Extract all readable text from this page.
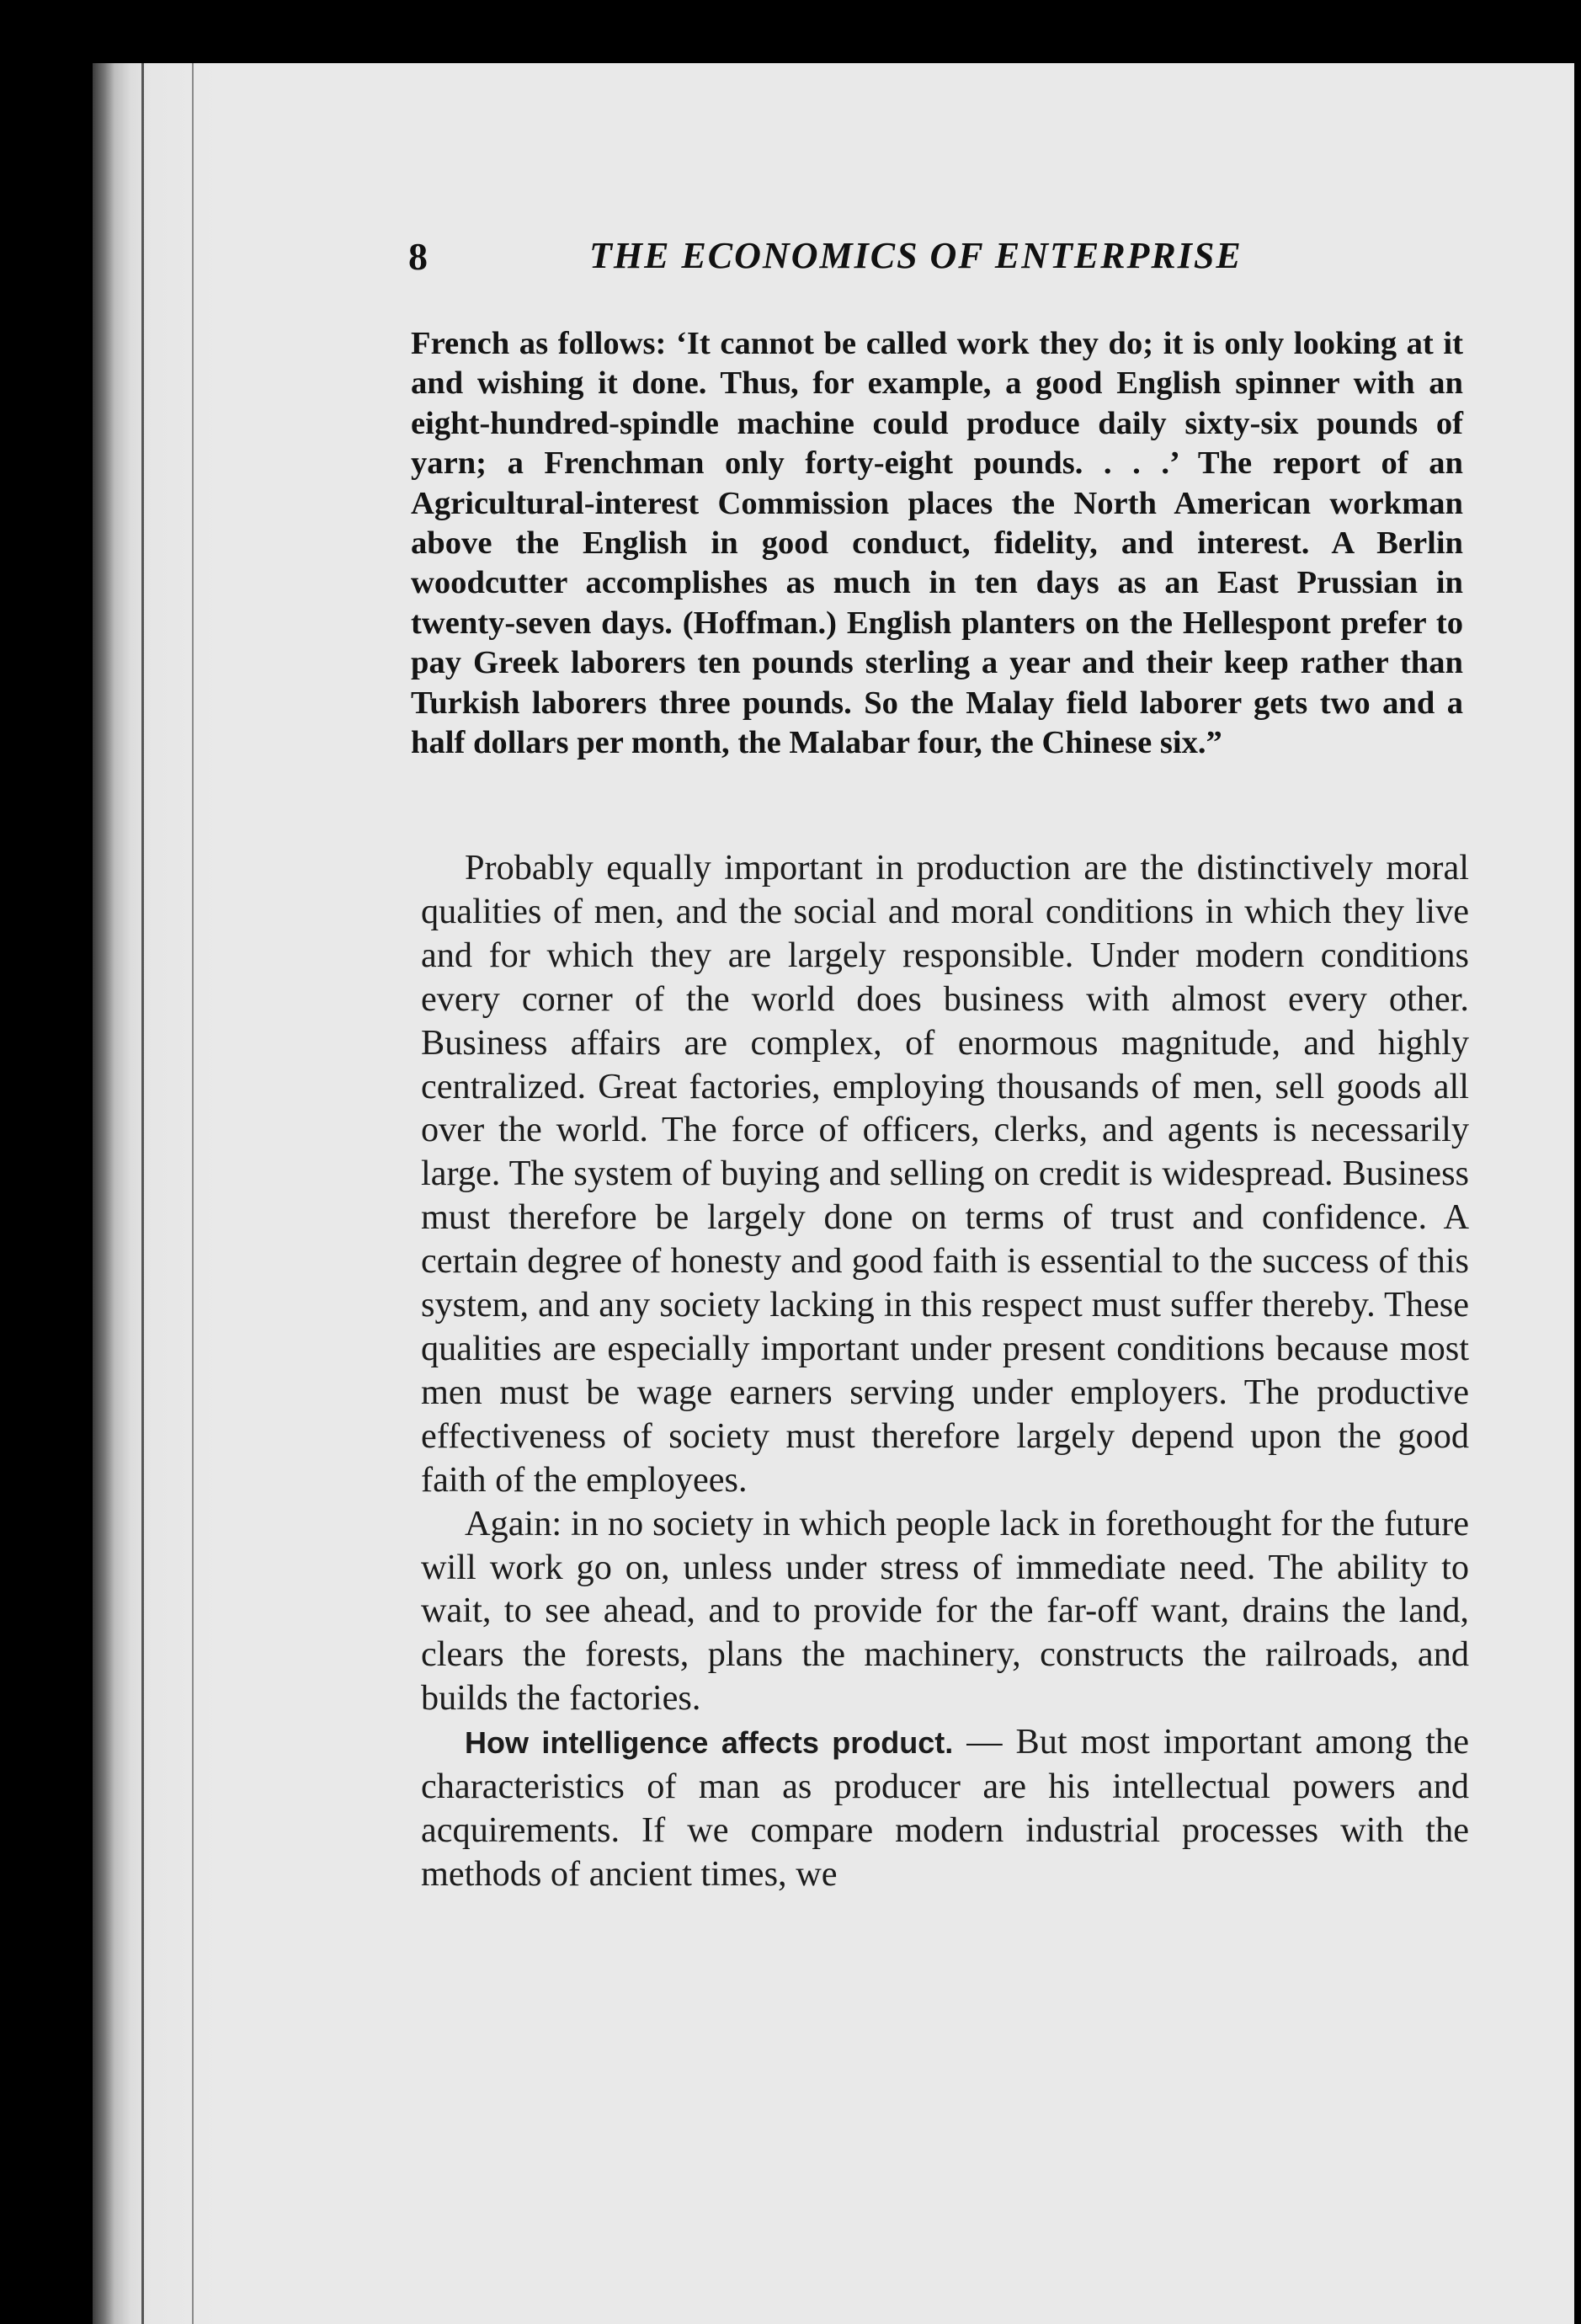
8	THE ECONOMICS OF ENTERPRISE
French as follows: ‘It cannot be called work they do; it is only looking at it and wishing it done. Thus, for example, a good English spinner with an eight-hundred-spindle machine could produce daily sixty-six pounds of yarn; a Frenchman only forty-eight pounds. . . .’ The report of an Agricultural-interest Commission places the North American workman above the English in good conduct, fidelity, and interest. A Berlin woodcutter accomplishes as much in ten days as an East Prussian in twenty-seven days. (Hoffman.) English planters on the Hellespont prefer to pay Greek laborers ten pounds sterling a year and their keep rather than Turkish laborers three pounds. So the Malay field laborer gets two and a half dollars per month, the Malabar four, the Chinese six.”

Probably equally important in production are the distinctively moral qualities of men, and the social and moral conditions in which they live and for which they are largely responsible. Under modern conditions every corner of the world does business with almost every other. Business affairs are complex, of enormous magnitude, and highly centralized. Great factories, employing thousands of men, sell goods all over the world. The force of officers, clerks, and agents is necessarily large. The system of buying and selling on credit is widespread. Business must therefore be largely done on terms of trust and confidence. A certain degree of honesty and good faith is essential to the success of this system, and any society lacking in this respect must suffer thereby. These qualities are especially important under present conditions because most men must be wage earners serving under employers. The productive effectiveness of society must therefore largely depend upon the good faith of the employees.

Again: in no society in which people lack in forethought for the future will work go on, unless under stress of immediate need. The ability to wait, to see ahead, and to provide for the far-off want, drains the land, clears the forests, plans the machinery, constructs the railroads, and builds the factories.

How intelligence affects product. — But most important among the characteristics of man as producer are his intellectual powers and acquirements. If we compare modern industrial processes with the methods of ancient times, we
